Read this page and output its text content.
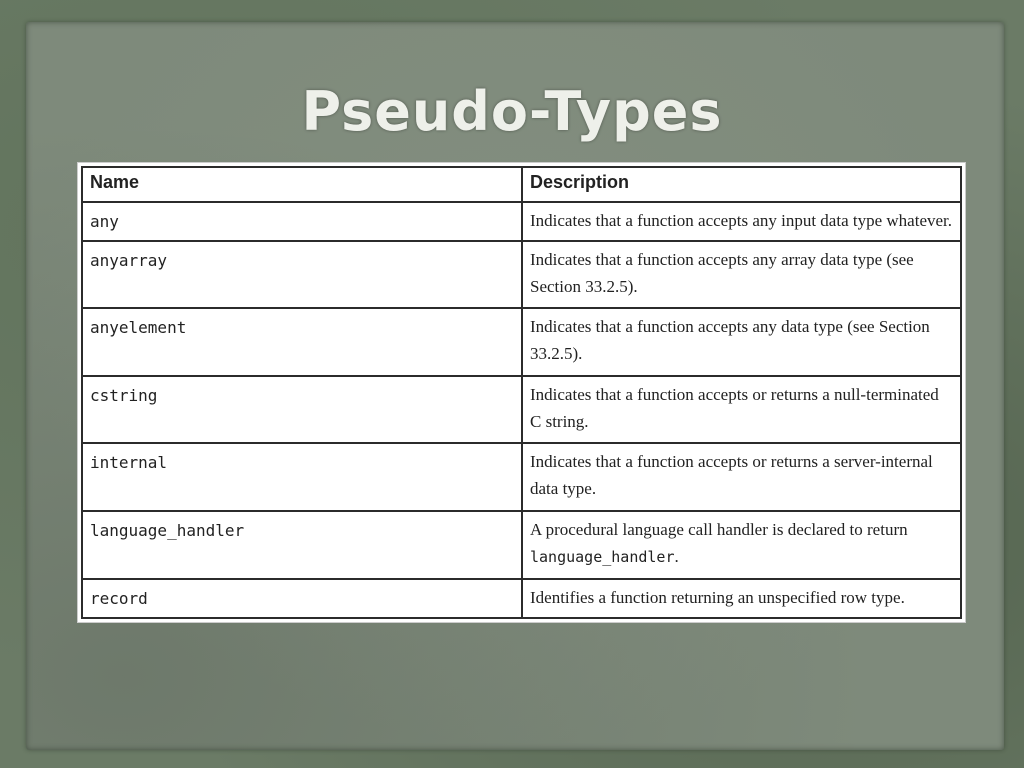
Pseudo-Types
Name	Description
any	Indicates that a function accepts any input data type whatever.
anyarray	Indicates that a function accepts any array data type (see Section 33.2.5).
anyelement	Indicates that a function accepts any data type (see Section 33.2.5).
cstring	Indicates that a function accepts or returns a null-terminated C string.
internal	Indicates that a function accepts or returns a server-internal data type.
language_handler	A procedural language call handler is declared to return language_handler.
record	Identifies a function returning an unspecified row type.
